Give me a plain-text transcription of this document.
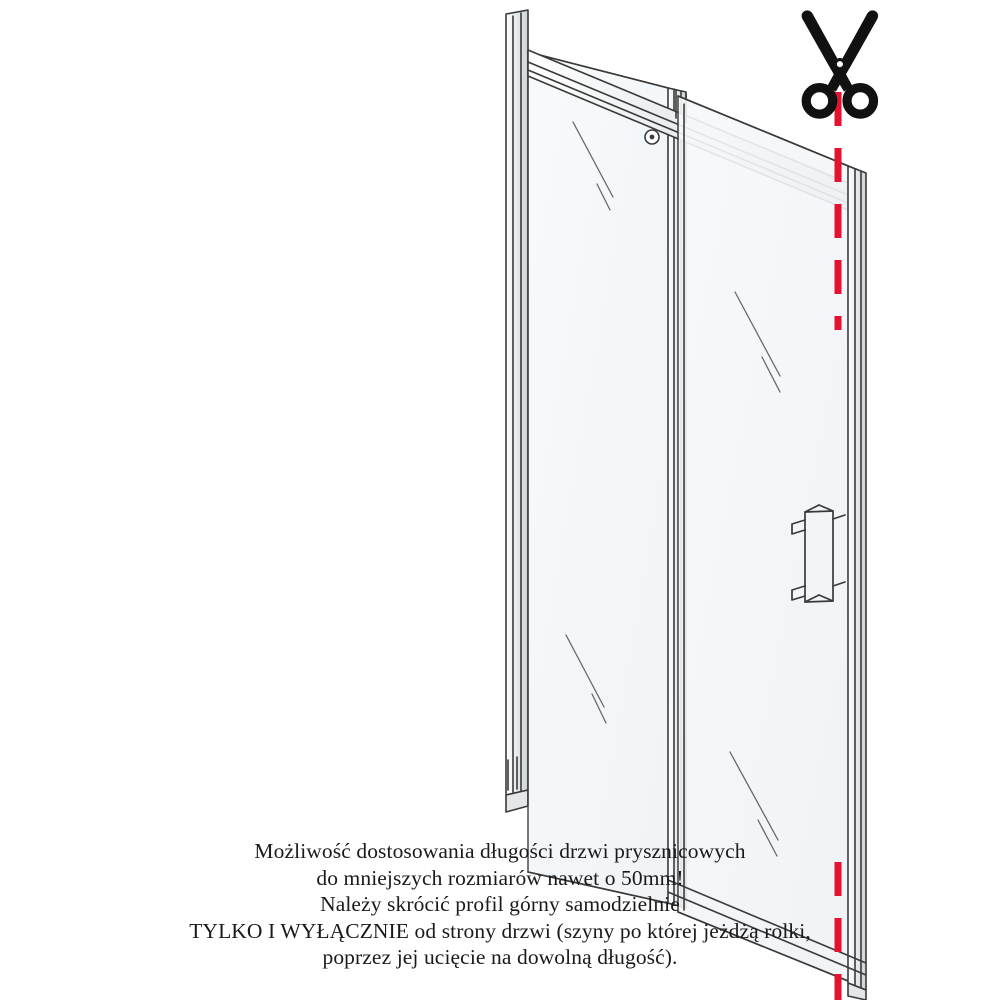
Możliwość dostosowania długości drzwi prysznicowych
do mniejszych rozmiarów nawet o 50mm!
Należy skrócić profil górny samodzielnie
TYLKO I WYŁĄCZNIE od strony drzwi (szyny po której jeżdżą rolki,
poprzez jej ucięcie na dowolną długość).
